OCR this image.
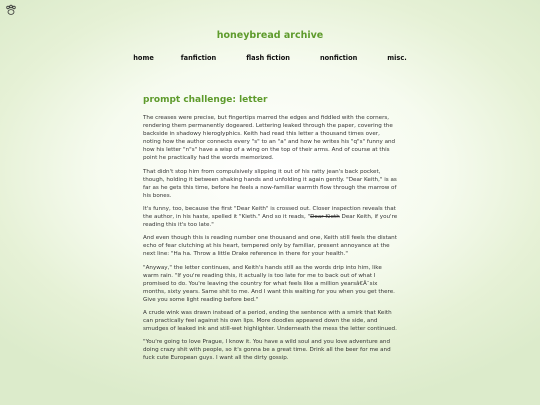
honeybread archive
home	fanfiction	flash fiction	nonfiction	misc.
prompt challenge: letter

The creases were precise, but fingertips marred the edges and fiddled with the corners, rendering them permanently dogeared. Lettering leaked through the paper, covering the backside in shadowy hieroglyphics. Keith had read this letter a thousand times over, noting how the author connects every "s" to an "a" and how he writes his "q"s" funny and how his letter "n"s" have a wisp of a wing on the top of their arms. And of course at this point he practically had the words memorized.

That didn't stop him from compulsively slipping it out of his ratty jean's back pocket, though, holding it between shaking hands and unfolding it again gently. "Dear Keith," is as far as he gets this time, before he feels a now-familiar warmth flow through the marrow of his bones.

It's funny, too, because the first "Dear Keith" is crossed out. Closer inspection reveals that the author, in his haste, spelled it "Kieth." And so it reads, "Dear Kieth Dear Keith, if you're reading this it's too late."

And even though this is reading number one thousand and one, Keith still feels the distant echo of fear clutching at his heart, tempered only by familiar, present annoyance at the next line: "Ha ha. Throw a little Drake reference in there for your health."

"Anyway," the letter continues, and Keith's hands still as the words drip into him, like warm rain. "If you're reading this, it actually is too late for me to back out of what I promised to do. You're leaving the country for what feels like a million yearsâ€Â¯six months, sixty years. Same shit to me. And I want this waiting for you when you get there. Give you some light reading before bed."

A crude wink was drawn instead of a period, ending the sentence with a smirk that Keith can practically feel against his own lips. More doodles appeared down the side, and smudges of leaked ink and still-wet highlighter. Underneath the mess the letter continued.

"You're going to love Prague, I know it. You have a wild soul and you love adventure and doing crazy shit with people, so it's gonna be a great time. Drink all the beer for me and fuck cute European guys. I want all the dirty gossip.
